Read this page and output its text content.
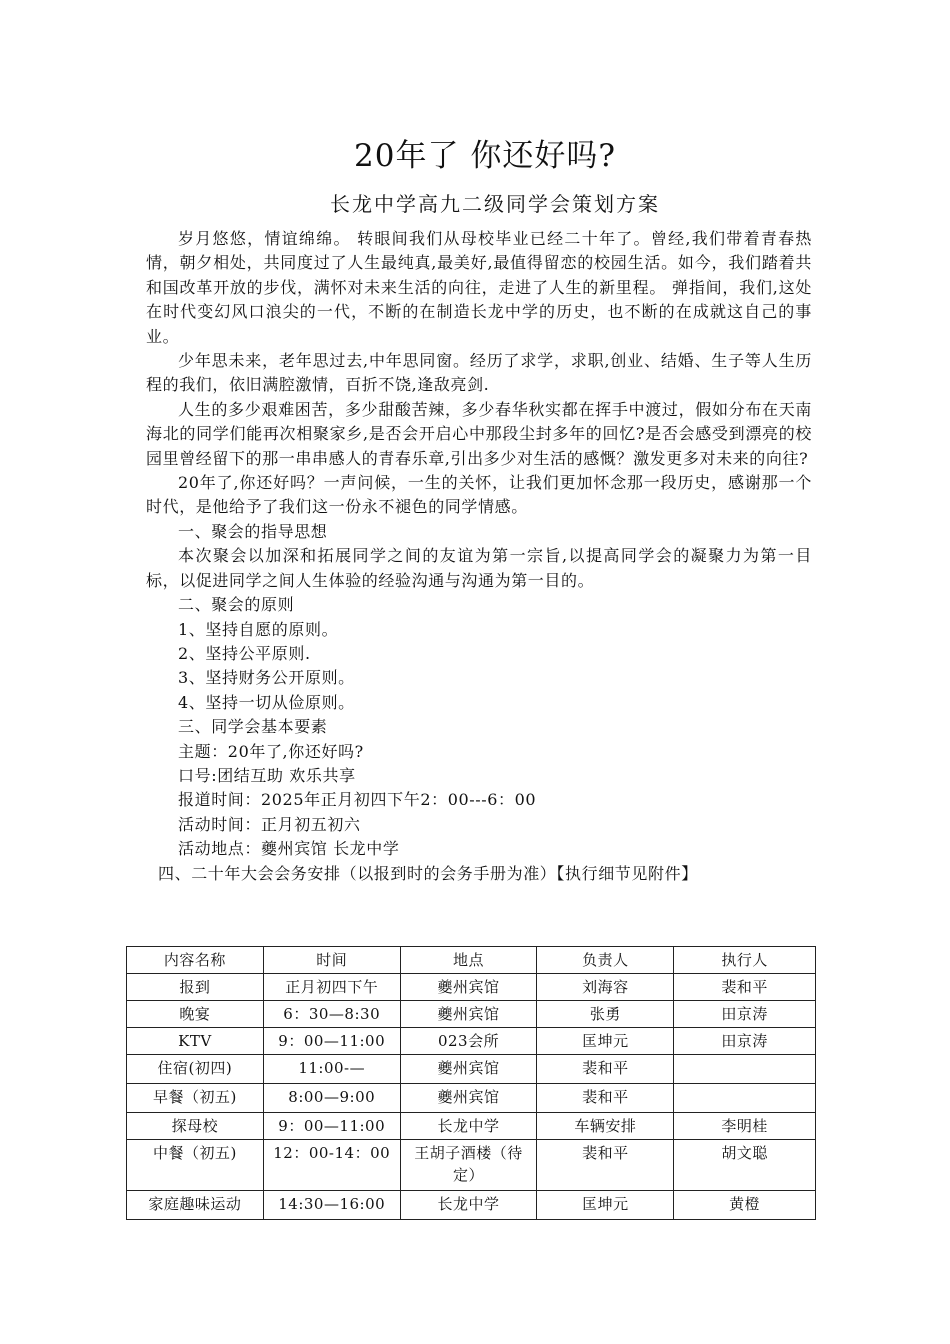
20年了 你还好吗?
长龙中学高九二级同学会策划方案

岁月悠悠，情谊绵绵。 转眼间我们从母校毕业已经二十年了。曾经,我们带着青春热情，朝夕相处，共同度过了人生最纯真,最美好,最值得留恋的校园生活。如今，我们踏着共和国改革开放的步伐，满怀对未来生活的向往，走进了人生的新里程。 弹指间，我们,这处在时代变幻风口浪尖的一代，不断的在制造长龙中学的历史，也不断的在成就这自己的事业。

少年思未来，老年思过去,中年思同窗。经历了求学，求职,创业、结婚、生子等人生历程的我们，依旧满腔激情，百折不饶,逢敌亮剑.

人生的多少艰难困苦，多少甜酸苦辣，多少春华秋实都在挥手中渡过，假如分布在天南海北的同学们能再次相聚家乡,是否会开启心中那段尘封多年的回忆?是否会感受到漂亮的校园里曾经留下的那一串串感人的青春乐章,引出多少对生活的感慨？激发更多对未来的向往?

20年了,你还好吗？一声问候，一生的关怀，让我们更加怀念那一段历史，感谢那一个时代，是他给予了我们这一份永不褪色的同学情感。

一、聚会的指导思想

本次聚会以加深和拓展同学之间的友谊为第一宗旨,以提高同学会的凝聚力为第一目标，以促进同学之间人生体验的经验沟通与沟通为第一目的。

二、聚会的原则

1、坚持自愿的原则。

2、坚持公平原则.

3、坚持财务公开原则。

4、坚持一切从俭原则。

三、同学会基本要素

主题：20年了,你还好吗?

口号:团结互助 欢乐共享

报道时间：2025年正月初四下午2：00---6：00

活动时间：正月初五初六

活动地点：夔州宾馆 长龙中学

四、二十年大会会务安排（以报到时的会务手册为准）【执行细节见附件】

内容名称	时间	地点	负责人	执行人
报到	正月初四下午	夔州宾馆	刘海容	裴和平
晚宴	6：30—8:30	夔州宾馆	张勇	田京涛
KTV	9：00—11:00	023会所	匡坤元	田京涛
住宿(初四)	11:00-—	夔州宾馆	裴和平	
早餐（初五)	8:00—9:00	夔州宾馆	裴和平	
探母校	9：00—11:00	长龙中学	车辆安排	李明桂
中餐（初五)	12：00-14：00	王胡子酒楼（待定）	裴和平	胡文聪
家庭趣味运动	14:30—16:00	长龙中学	匡坤元	黄橙
